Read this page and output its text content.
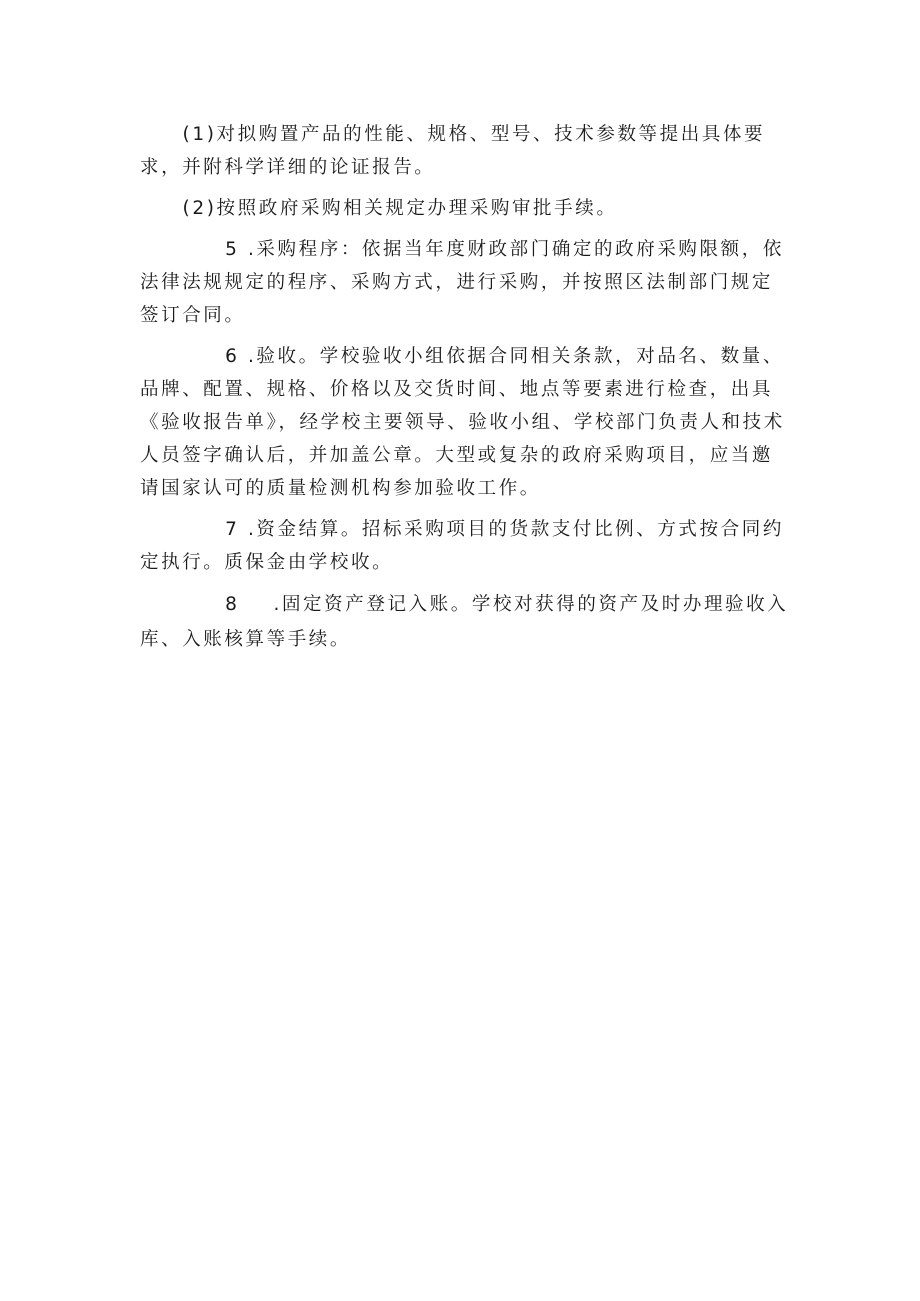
(1)对拟购置产品的性能、规格、型号、技术参数等提出具体要求，并附科学详细的论证报告。

(2)按照政府采购相关规定办理采购审批手续。

5 .采购程序：依据当年度财政部门确定的政府采购限额，依法律法规规定的程序、采购方式，进行采购，并按照区法制部门规定签订合同。

6 .验收。学校验收小组依据合同相关条款，对品名、数量、品牌、配置、规格、价格以及交货时间、地点等要素进行检查，出具《验收报告单》，经学校主要领导、验收小组、学校部门负责人和技术人员签字确认后，并加盖公章。大型或复杂的政府采购项目，应当邀请国家认可的质量检测机构参加验收工作。

7 .资金结算。招标采购项目的货款支付比例、方式按合同约定执行。质保金由学校收。

8 .固定资产登记入账。学校对获得的资产及时办理验收入库、入账核算等手续。
